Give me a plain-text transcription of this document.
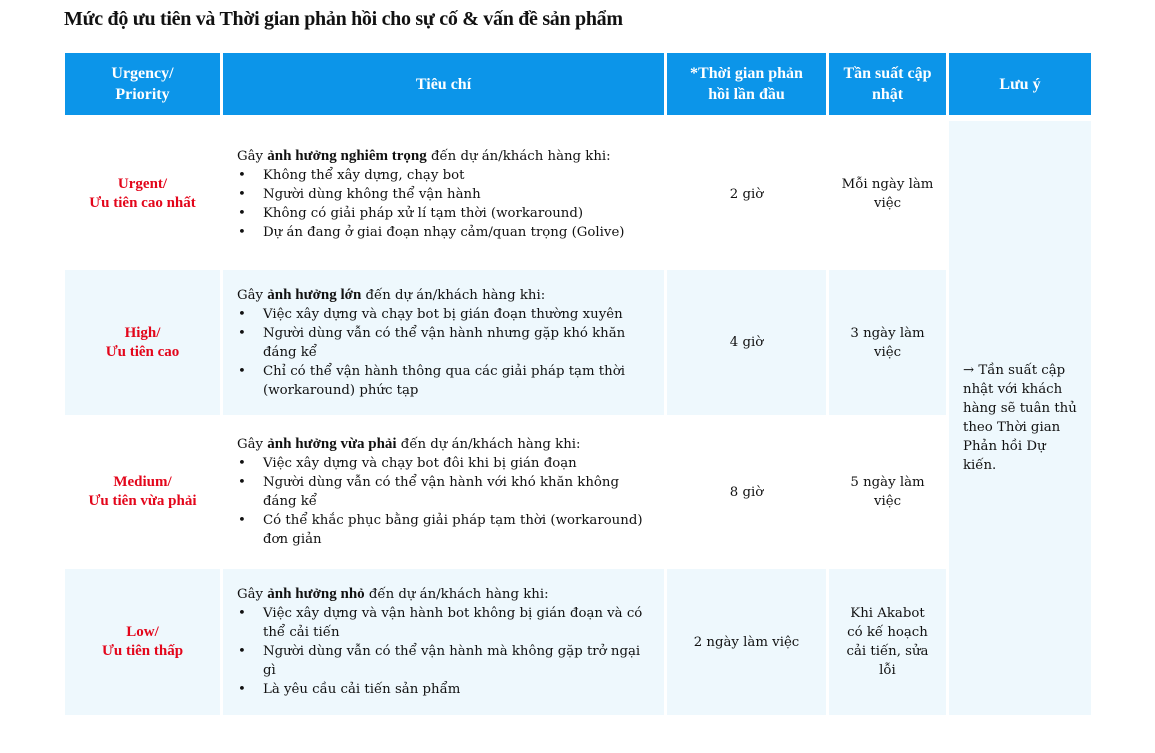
Mức độ ưu tiên và Thời gian phản hồi cho sự cố & vấn đề sản phẩm
Urgency/
Priority
Tiêu chí
*Thời gian phản
hồi lần đầu
Tần suất cập
nhật
Lưu ý
Urgent/
Ưu tiên cao nhất
Gây ảnh hưởng nghiêm trọng đến dự án/khách hàng khi:
• Không thể xây dựng, chạy bot
• Người dùng không thể vận hành
• Không có giải pháp xử lí tạm thời (workaround)
• Dự án đang ở giai đoạn nhạy cảm/quan trọng (Golive)
2 giờ
Mỗi ngày làm
việc
High/
Ưu tiên cao
Gây ảnh hưởng lớn đến dự án/khách hàng khi:
• Việc xây dựng và chạy bot bị gián đoạn thường xuyên
• Người dùng vẫn có thể vận hành nhưng gặp khó khăn đáng kể
• Chỉ có thể vận hành thông qua các giải pháp tạm thời (workaround) phức tạp
4 giờ
3 ngày làm
việc
Medium/
Ưu tiên vừa phải
Gây ảnh hưởng vừa phải đến dự án/khách hàng khi:
• Việc xây dựng và chạy bot đôi khi bị gián đoạn
• Người dùng vẫn có thể vận hành với khó khăn không đáng kể
• Có thể khắc phục bằng giải pháp tạm thời (workaround) đơn giản
8 giờ
5 ngày làm
việc
Low/
Ưu tiên thấp
Gây ảnh hưởng nhỏ đến dự án/khách hàng khi:
• Việc xây dựng và vận hành bot không bị gián đoạn và có thể cải tiến
• Người dùng vẫn có thể vận hành mà không gặp trở ngại gì
• Là yêu cầu cải tiến sản phẩm
2 ngày làm việc
Khi Akabot
có kế hoạch
cải tiến, sửa
lỗi
→ Tần suất cập nhật với khách hàng sẽ tuân thủ theo Thời gian Phản hồi Dự kiến.
